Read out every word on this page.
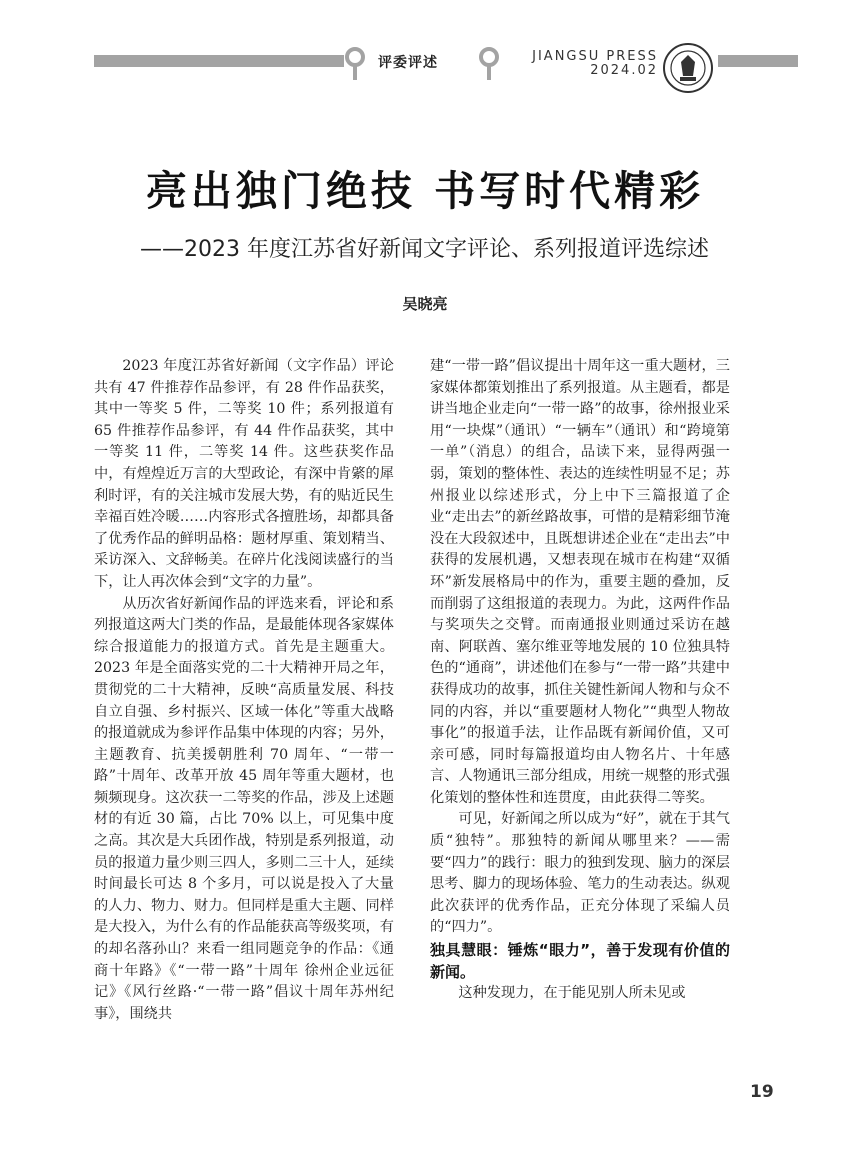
评委评述	JIANGSU PRESS
2024.02
亮出独门绝技 书写时代精彩
——2023 年度江苏省好新闻文字评论、系列报道评选综述
吴晓亮

2023 年度江苏省好新闻（文字作品）评论共有 47 件推荐作品参评，有 28 件作品获奖，其中一等奖 5 件，二等奖 10 件；系列报道有 65 件推荐作品参评，有 44 件作品获奖，其中一等奖 11 件，二等奖 14 件。这些获奖作品中，有煌煌近万言的大型政论，有深中肯綮的犀利时评，有的关注城市发展大势，有的贴近民生幸福百姓冷暖……内容形式各擅胜场，却都具备了优秀作品的鲜明品格：题材厚重、策划精当、采访深入、文辞畅美。在碎片化浅阅读盛行的当下，让人再次体会到“文字的力量”。

从历次省好新闻作品的评选来看，评论和系列报道这两大门类的作品，是最能体现各家媒体综合报道能力的报道方式。首先是主题重大。2023 年是全面落实党的二十大精神开局之年，贯彻党的二十大精神，反映“高质量发展、科技自立自强、乡村振兴、区域一体化”等重大战略的报道就成为参评作品集中体现的内容；另外，主题教育、抗美援朝胜利 70 周年、“一带一路”十周年、改革开放 45 周年等重大题材，也频频现身。这次获一二等奖的作品，涉及上述题材的有近 30 篇，占比 70% 以上，可见集中度之高。其次是大兵团作战，特别是系列报道，动员的报道力量少则三四人，多则二三十人，延续时间最长可达 8 个多月，可以说是投入了大量的人力、物力、财力。但同样是重大主题、同样是大投入，为什么有的作品能获高等级奖项，有的却名落孙山？来看一组同题竞争的作品：《通商十年路》《“一带一路”十周年 徐州企业远征记》《风行丝路·“一带一路”倡议十周年苏州纪事》，围绕共

建“一带一路”倡议提出十周年这一重大题材，三家媒体都策划推出了系列报道。从主题看，都是讲当地企业走向“一带一路”的故事，徐州报业采用“一块煤”（通讯）“一辆车”（通讯）和“跨境第一单”（消息）的组合，品读下来，显得两强一弱，策划的整体性、表达的连续性明显不足；苏州报业以综述形式，分上中下三篇报道了企业“走出去”的新丝路故事，可惜的是精彩细节淹没在大段叙述中，且既想讲述企业在“走出去”中获得的发展机遇，又想表现在城市在构建“双循环”新发展格局中的作为，重要主题的叠加，反而削弱了这组报道的表现力。为此，这两件作品与奖项失之交臂。而南通报业则通过采访在越南、阿联酋、塞尔维亚等地发展的 10 位独具特色的“通商”，讲述他们在参与“一带一路”共建中获得成功的故事，抓住关键性新闻人物和与众不同的内容，并以“重要题材人物化”“典型人物故事化”的报道手法，让作品既有新闻价值，又可亲可感，同时每篇报道均由人物名片、十年感言、人物通讯三部分组成，用统一规整的形式强化策划的整体性和连贯度，由此获得二等奖。

可见，好新闻之所以成为“好”，就在于其气质“独特”。那独特的新闻从哪里来？——需要“四力”的践行：眼力的独到发现、脑力的深层思考、脚力的现场体验、笔力的生动表达。纵观此次获评的优秀作品，正充分体现了采编人员的“四力”。

独具慧眼：锤炼“眼力”，善于发现有价值的新闻。

这种发现力，在于能见别人所未见或

19
